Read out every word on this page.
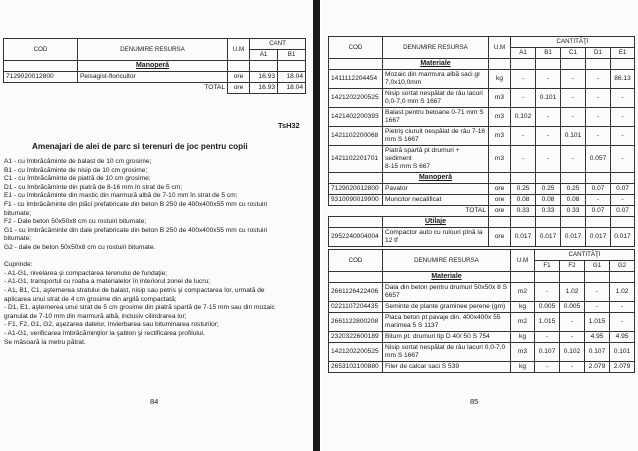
COD	DENUMIRE RESURSA	U.M	CANT	
			A1	B1
	Manoperă			
7129020012800	Peisagist-floricultor	ore	16.93	18.04
	TOTAL	ore	16.93	18.04
TsH32
Amenajari de alei de parc si terenuri de joc pentru copii
A1 - cu îmbrăcăminte de balast de 10 cm grosime;
B1 - cu îmbrăcăminte de nisip de 10 cm grosime;
C1 - cu îmbrăcăminte de piatră de 10 cm grosime;
D1 - cu îmbrăcăminte din piatră de 8-16 mm în strat de 5 cm;
E1 - cu îmbrăcăminte din mastic din marmură albă de 7-10 mm în strat de 5 cm;
F1 - cu îmbrăcăminte din plăci prefabricate din beton B 250 de 400x400x55 mm cu rostuiri
bitumate;
F2 - Dale beton 50x50x8 cm cu rostuiri bitumate;
G1 - cu îmbrăcăminte din dale prefabricate din beton B 250 de 400x400x55 mm cu rostuiri
bitumate;
G2 - dale de beton 50x50x8 cm cu rostuiri bitumate.
Cuprinde:
- A1-G1, nivelarea şi compactarea terenului de fundaţie;
- A1-G1, transportul cu roaba a materialelor în interiorul zonei de lucru;
- A1, B1, C1, aşternerea stratului de balast, nisip sau petris şi compactarea lor, urmată de
aplicarea unui strat de 4 cm grosime din argilă compactată;
- D1, E1, aşternerea unui strat de 5 cm grosime din piatră spartă de 7-15 mm sau din mozaic
granulat de 7-10 mm din marmură albă, inclusiv cilindrarea lor;
- F1, F2, G1, G2, aşezarea dalelor, învierbarea sau bituminarea rosturilor;
- A1-G1, verificarea îmbrăcăminţilor la şablon şi rectificarea profilului.
Se măsoară la metru pătrat.
84
COD	DENUMIRE RESURSA	U.M	CANTITĂŢI				
			A1	B1	C1	D1	E1
	Materiale						
1411112204454	Mozaic din marmura albă saci gr
7,0x10,0mm	kg	-	-	-	-	86.13
1421202200525	Nisip sortat nespălat de râu lacuri
0,0-7,0 mm S 1667	m3	-	0.101	-	-	-
1421402200393	Balast pentru betoane 0-71 mm S
1667	m3	0.102	-	-	-	-
1421102200068	Pietriş ciuruit nespălat de râu 7-16
mm S 1667	m3	-	-	0.101	-	-
1421102201701	Piatră spartă pt drumuri + sediment
8-15 mm S 667	m3	-	-	-	0.057	-
	Manoperă						
7129020012800	Pavator	ore	0.25	0.25	0.25	0.07	0.07
9310090019900	Muncitor necalificat	ore	0.08	0.08	0.08	-	-
	TOTAL	ore	0.33	0.33	0.33	0.07	0.07
	Utilaje						
2952240004004	Compactor auto cu rulouri pînă la
12 tf	ore	0.017	0.017	0.017	0.017	0.017
COD	DENUMIRE RESURSA	U.M	CANTITĂŢI			
			F1	F2	G1	G2
	Materiale					
2661126422406	Dala din beton pentru drumuri 50x50x 8 S
6657	m2	-	1.02	-	1.02
0221107204435	Seminte de plante graminee perene (gm)	kg	0.005	0.005	-	-
2661122800208	Placa beton pt pavaje din. 400x400x 55
marimea 5 S 1137	m2	1.015	-	1.015	-
2320322600189	Bitum pt. drumuri tip D 40/ 50 S 754	kg	-	-	4.95	4.95
1421202200525	Nisip sortat nespălat de râu lacuri 0,0-7,0
mm S 1667	m3	0.107	0.102	0.107	0.101
2653102100880	Filer de calcar saci S 539	kg	-	-	2.079	2.079
85
